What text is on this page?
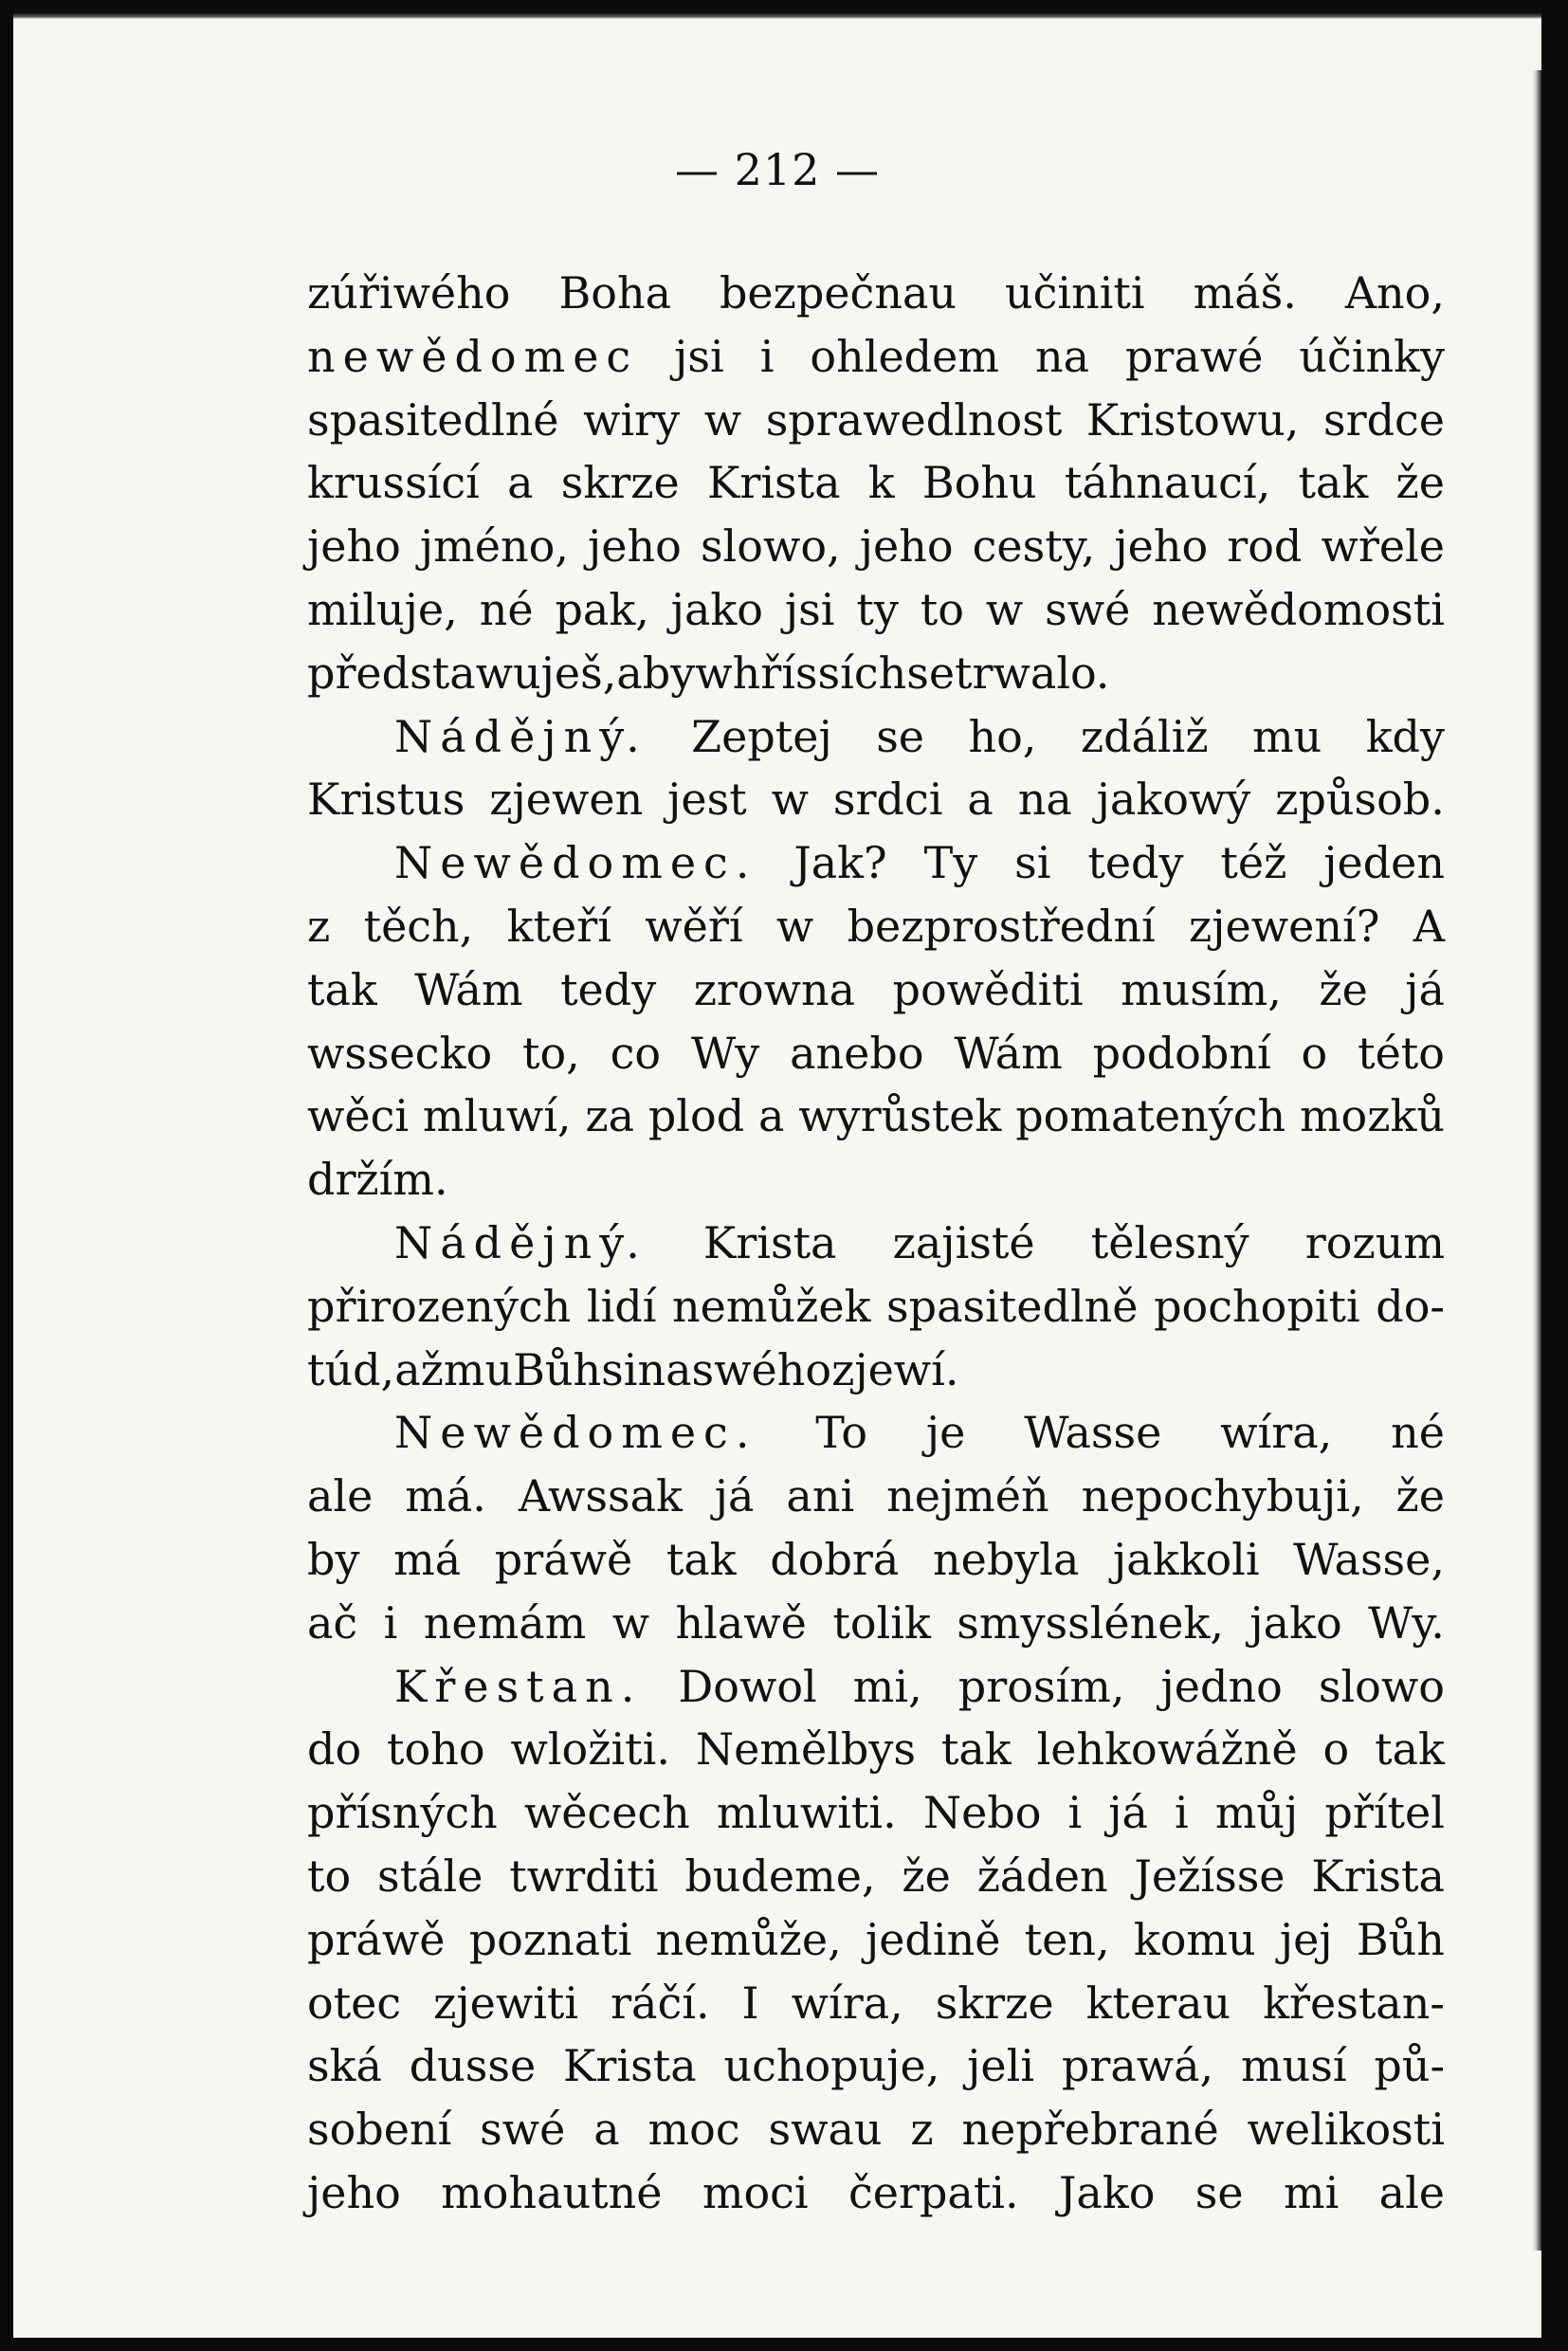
— 212 —
zúřiwého Boha bezpečnau učiniti máš. Ano,
newědomec jsi i ohledem na prawé účinky
spasitedlné wiry w sprawedlnost Kristowu, srdce
krussící a skrze Krista k Bohu táhnaucí, tak že
jeho jméno, jeho slowo, jeho cesty, jeho rod wřele
miluje, né pak, jako jsi ty to w swé newědomosti
předstawuješ, aby w hříssích setrwalo.
Nádějný. Zeptej se ho, zdáliž mu kdy
Kristus zjewen jest w srdci a na jakowý způsob.
Newědomec. Jak? Ty si tedy též jeden
z těch, kteří wěří w bezprostřední zjewení? A
tak Wám tedy zrowna powěditi musím, že já
wssecko to, co Wy anebo Wám podobní o této
wěci mluwí, za plod a wyrůstek pomatených mozků
držím.
Nádějný. Krista zajisté tělesný rozum
přirozených lidí nemůžek spasitedlně pochopiti do-
túd, až mu Bůh sina swého zjewí.
Newědomec. To je Wasse wíra, né
ale má. Awssak já ani nejméň nepochybuji, že
by má práwě tak dobrá nebyla jakkoli Wasse,
ač i nemám w hlawě tolik smysslének, jako Wy.
Křestan. Dowol mi, prosím, jedno slowo
do toho wložiti. Nemělbys tak lehkowážně o tak
přísných wěcech mluwiti. Nebo i já i můj přítel
to stále twrditi budeme, že žáden Ježísse Krista
práwě poznati nemůže, jedině ten, komu jej Bůh
otec zjewiti ráčí. I wíra, skrze kterau křestan-
ská dusse Krista uchopuje, jeli prawá, musí pů-
sobení swé a moc swau z nepřebrané welikosti
jeho mohautné moci čerpati. Jako se mi ale
